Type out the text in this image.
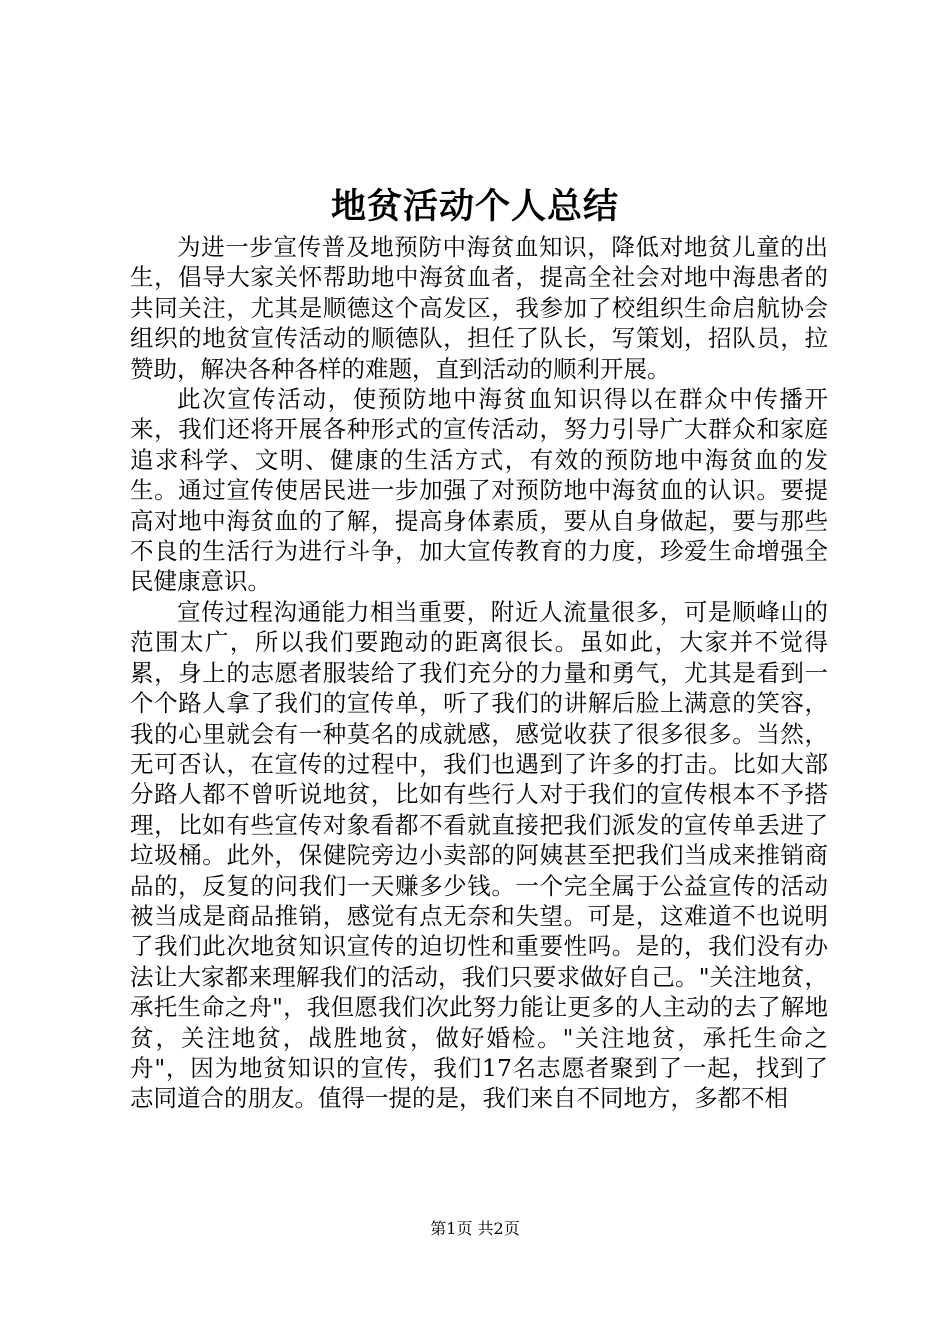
地贫活动个人总结

为进一步宣传普及地预防中海贫血知识，降低对地贫儿童的出生，倡导大家关怀帮助地中海贫血者，提高全社会对地中海患者的共同关注，尤其是顺德这个高发区，我参加了校组织生命启航协会组织的地贫宣传活动的顺德队，担任了队长，写策划，招队员，拉赞助，解决各种各样的难题，直到活动的顺利开展。

此次宣传活动，使预防地中海贫血知识得以在群众中传播开来，我们还将开展各种形式的宣传活动，努力引导广大群众和家庭追求科学、文明、健康的生活方式，有效的预防地中海贫血的发生。通过宣传使居民进一步加强了对预防地中海贫血的认识。要提高对地中海贫血的了解，提高身体素质，要从自身做起，要与那些不良的生活行为进行斗争，加大宣传教育的力度，珍爱生命增强全民健康意识。

宣传过程沟通能力相当重要，附近人流量很多，可是顺峰山的范围太广，所以我们要跑动的距离很长。虽如此，大家并不觉得累，身上的志愿者服装给了我们充分的力量和勇气，尤其是看到一个个路人拿了我们的宣传单，听了我们的讲解后脸上满意的笑容，我的心里就会有一种莫名的成就感，感觉收获了很多很多。当然，无可否认，在宣传的过程中，我们也遇到了许多的打击。比如大部分路人都不曾听说地贫，比如有些行人对于我们的宣传根本不予搭理，比如有些宣传对象看都不看就直接把我们派发的宣传单丢进了垃圾桶。此外，保健院旁边小卖部的阿姨甚至把我们当成来推销商品的，反复的问我们一天赚多少钱。一个完全属于公益宣传的活动被当成是商品推销，感觉有点无奈和失望。可是，这难道不也说明了我们此次地贫知识宣传的迫切性和重要性吗。是的，我们没有办法让大家都来理解我们的活动，我们只要求做好自己。"关注地贫，承托生命之舟"，我但愿我们次此努力能让更多的人主动的去了解地贫，关注地贫，战胜地贫，做好婚检。"关注地贫，承托生命之舟"，因为地贫知识的宣传，我们17名志愿者聚到了一起，找到了志同道合的朋友。值得一提的是，我们来自不同地方，多都不相

第1页 共2页
